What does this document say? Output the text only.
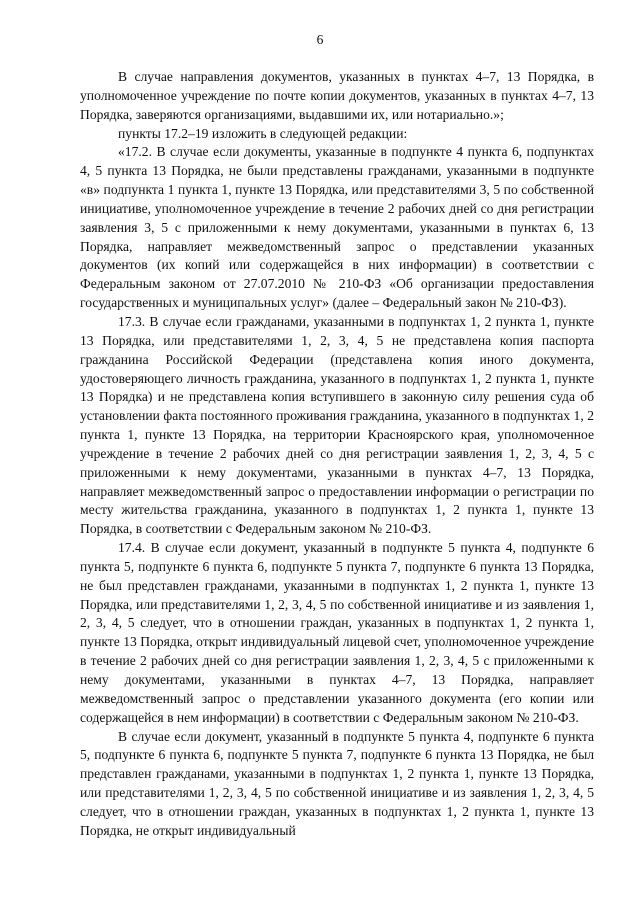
6

В случае направления документов, указанных в пунктах 4–7, 13 Порядка, в уполномоченное учреждение по почте копии документов, указанных в пунктах 4–7, 13 Порядка, заверяются организациями, выдавшими их, или нотариально.»;

пункты 17.2–19 изложить в следующей редакции:

«17.2. В случае если документы, указанные в подпункте 4 пункта 6, подпунктах 4, 5 пункта 13 Порядка, не были представлены гражданами, указанными в подпункте «в» подпункта 1 пункта 1, пункте 13 Порядка, или представителями 3, 5 по собственной инициативе, уполномоченное учреждение в течение 2 рабочих дней со дня регистрации заявления 3, 5 с приложенными к нему документами, указанными в пунктах 6, 13 Порядка, направляет межведомственный запрос о представлении указанных документов (их копий или содержащейся в них информации) в соответствии с Федеральным законом от 27.07.2010 № 210-ФЗ «Об организации предоставления государственных и муниципальных услуг» (далее – Федеральный закон № 210-ФЗ).

17.3. В случае если гражданами, указанными в подпунктах 1, 2 пункта 1, пункте 13 Порядка, или представителями 1, 2, 3, 4, 5 не представлена копия паспорта гражданина Российской Федерации (представлена копия иного документа, удостоверяющего личность гражданина, указанного в подпунктах 1, 2 пункта 1, пункте 13 Порядка) и не представлена копия вступившего в законную силу решения суда об установлении факта постоянного проживания гражданина, указанного в подпунктах 1, 2 пункта 1, пункте 13 Порядка, на территории Красноярского края, уполномоченное учреждение в течение 2 рабочих дней со дня регистрации заявления 1, 2, 3, 4, 5 с приложенными к нему документами, указанными в пунктах 4–7, 13 Порядка, направляет межведомственный запрос о предоставлении информации о регистрации по месту жительства гражданина, указанного в подпунктах 1, 2 пункта 1, пункте 13 Порядка, в соответствии с Федеральным законом № 210-ФЗ.

17.4. В случае если документ, указанный в подпункте 5 пункта 4, подпункте 6 пункта 5, подпункте 6 пункта 6, подпункте 5 пункта 7, подпункте 6 пункта 13 Порядка, не был представлен гражданами, указанными в подпунктах 1, 2 пункта 1, пункте 13 Порядка, или представителями 1, 2, 3, 4, 5 по собственной инициативе и из заявления 1, 2, 3, 4, 5 следует, что в отношении граждан, указанных в подпунктах 1, 2 пункта 1, пункте 13 Порядка, открыт индивидуальный лицевой счет, уполномоченное учреждение в течение 2 рабочих дней со дня регистрации заявления 1, 2, 3, 4, 5 с приложенными к нему документами, указанными в пунктах 4–7, 13 Порядка, направляет межведомственный запрос о представлении указанного документа (его копии или содержащейся в нем информации) в соответствии с Федеральным законом № 210-ФЗ.

В случае если документ, указанный в подпункте 5 пункта 4, подпункте 6 пункта 5, подпункте 6 пункта 6, подпункте 5 пункта 7, подпункте 6 пункта 13 Порядка, не был представлен гражданами, указанными в подпунктах 1, 2 пункта 1, пункте 13 Порядка, или представителями 1, 2, 3, 4, 5 по собственной инициативе и из заявления 1, 2, 3, 4, 5 следует, что в отношении граждан, указанных в подпунктах 1, 2 пункта 1, пункте 13 Порядка, не открыт индивидуальный
